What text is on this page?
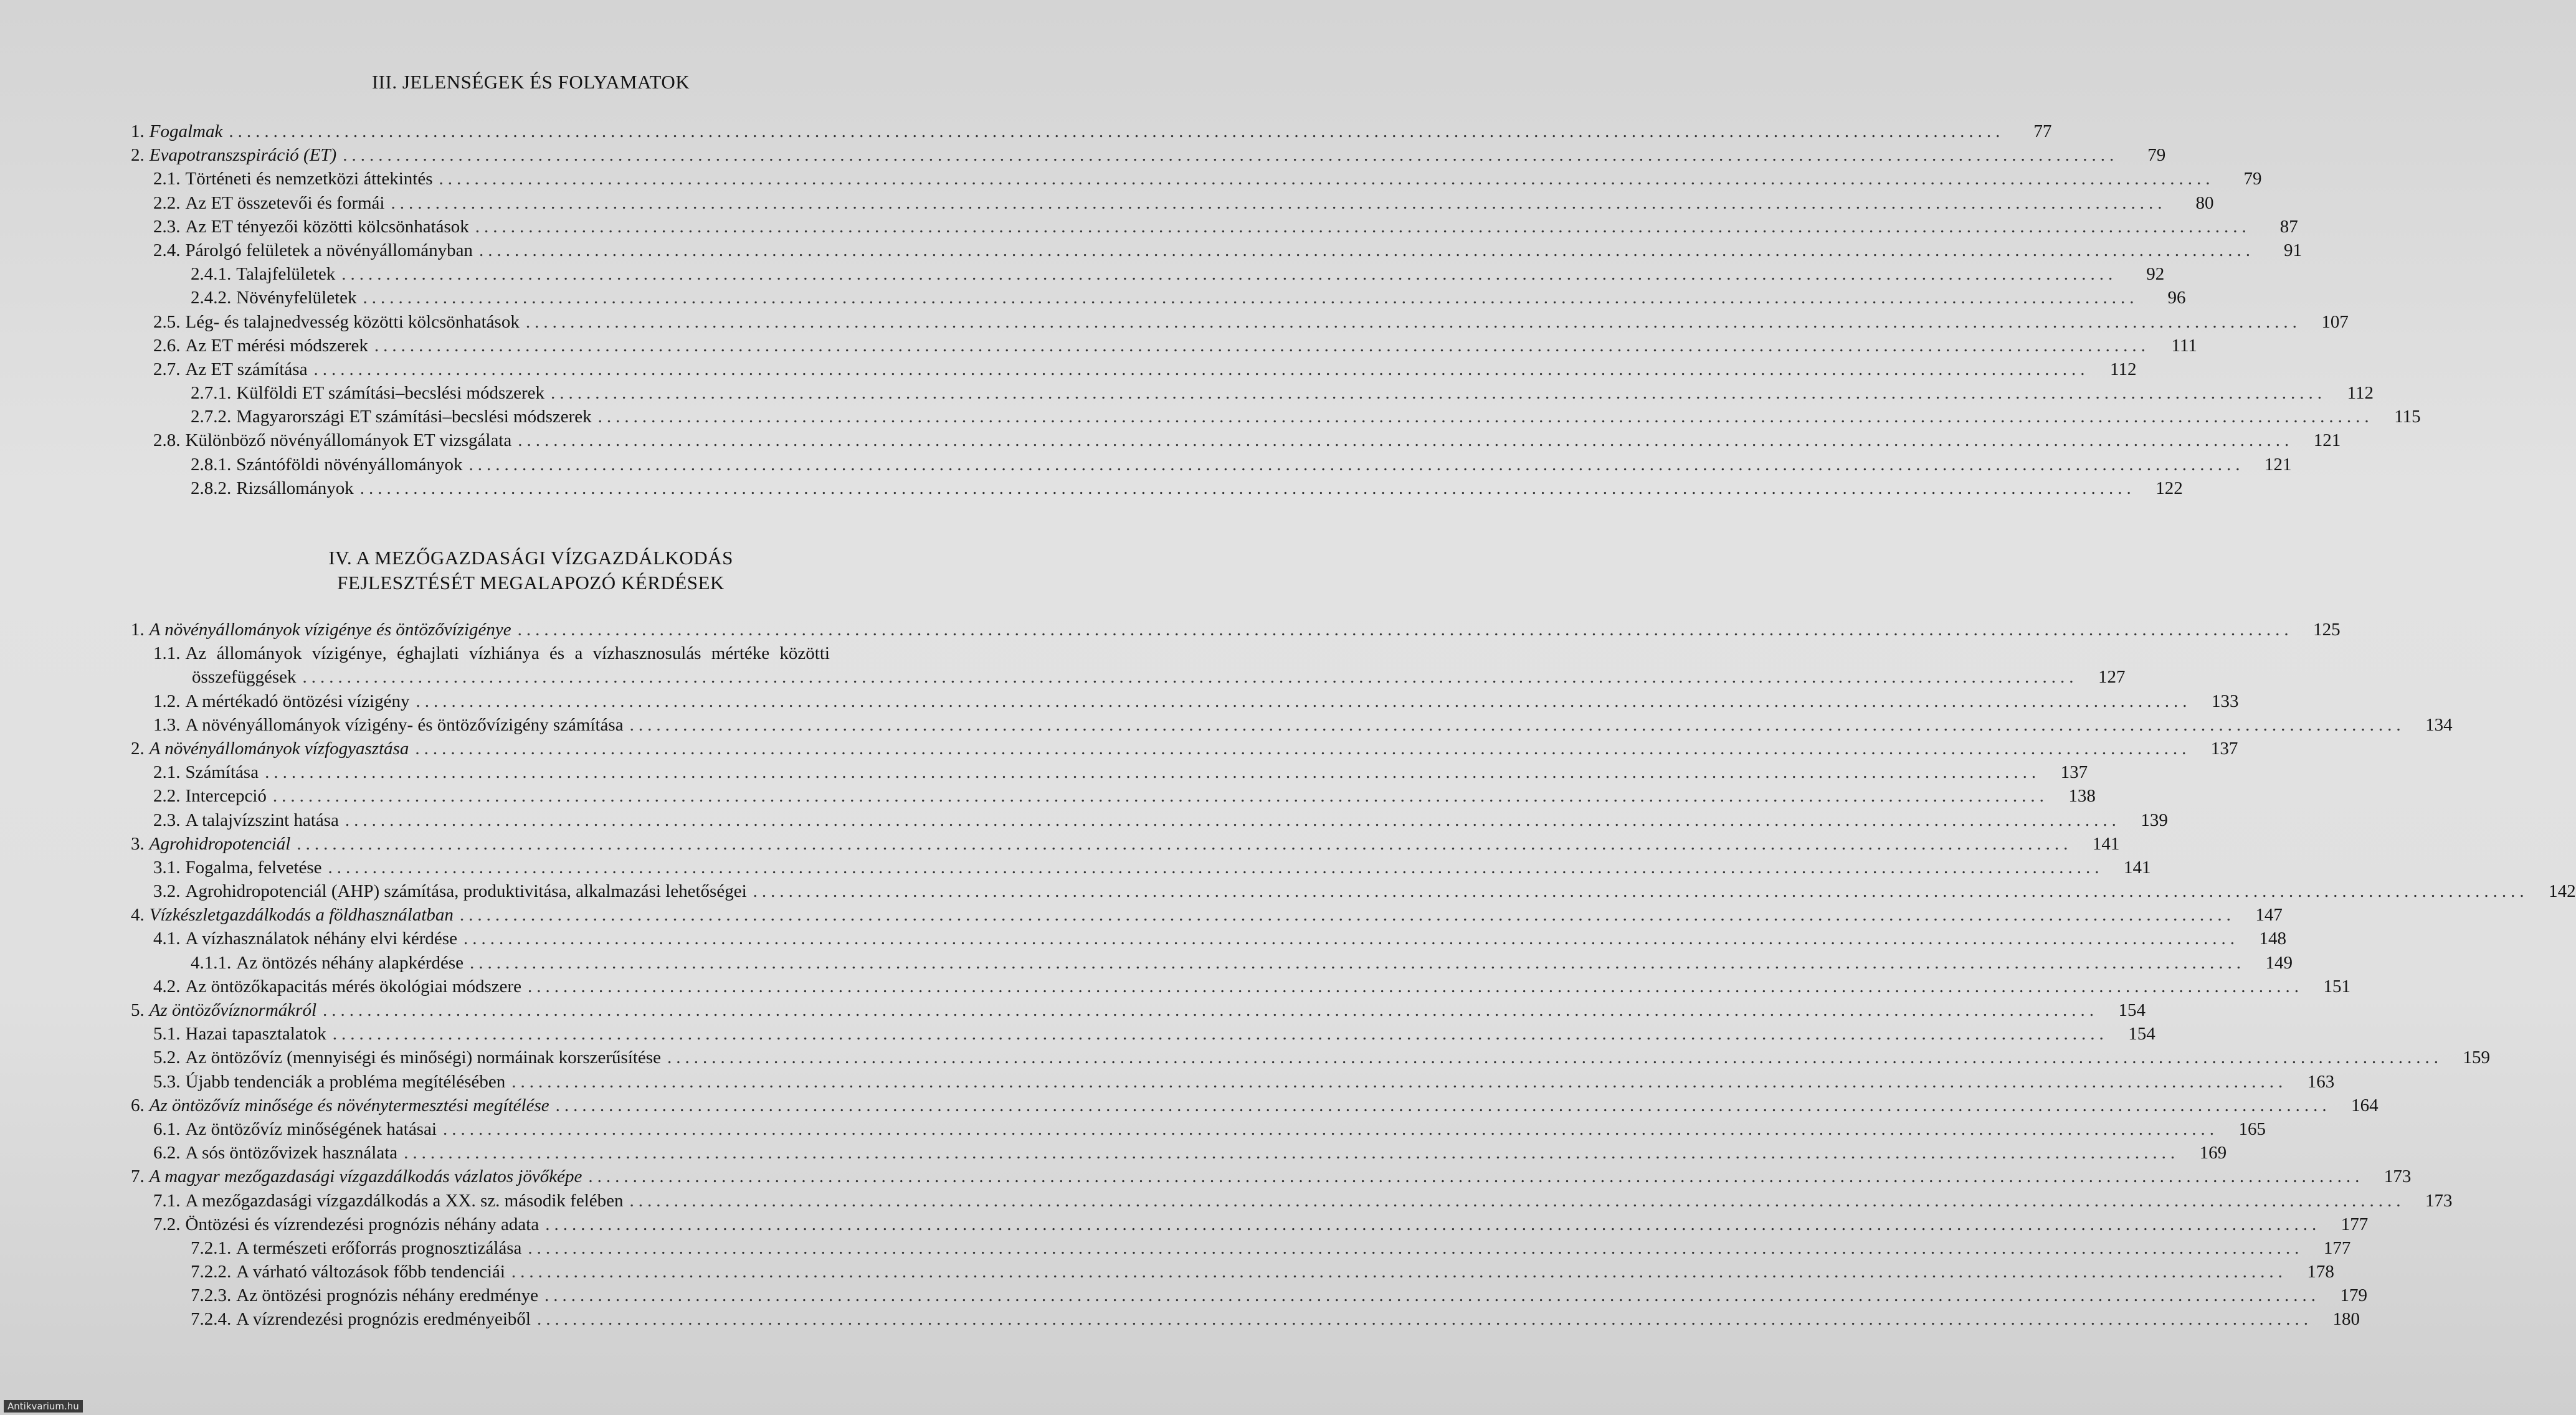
III. JELENSÉGEK ÉS FOLYAMATOK
1. Fogalmak ........................................................................................................................................................................................................	77
2. Evapotranszspiráció (ET) ........................................................................................................................................................................................................	79
2.1. Történeti és nemzetközi áttekintés ........................................................................................................................................................................................................	79
2.2. Az ET összetevői és formái ........................................................................................................................................................................................................	80
2.3. Az ET tényezői közötti kölcsönhatások ........................................................................................................................................................................................................	87
2.4. Párolgó felületek a növényállományban ........................................................................................................................................................................................................	91
2.4.1. Talajfelületek ........................................................................................................................................................................................................	92
2.4.2. Növényfelületek ........................................................................................................................................................................................................	96
2.5. Lég- és talajnedvesség közötti kölcsönhatások ........................................................................................................................................................................................................	107
2.6. Az ET mérési módszerek ........................................................................................................................................................................................................	111
2.7. Az ET számítása ........................................................................................................................................................................................................	112
2.7.1. Külföldi ET számítási–becslési módszerek ........................................................................................................................................................................................................	112
2.7.2. Magyarországi ET számítási–becslési módszerek ........................................................................................................................................................................................................	115
2.8. Különböző növényállományok ET vizsgálata ........................................................................................................................................................................................................	121
2.8.1. Szántóföldi növényállományok ........................................................................................................................................................................................................	121
2.8.2. Rizsállományok ........................................................................................................................................................................................................	122
IV. A MEZŐGAZDASÁGI VÍZGAZDÁLKODÁS
FEJLESZTÉSÉT MEGALAPOZÓ KÉRDÉSEK
1. A növényállományok vízigénye és öntözővízigénye ........................................................................................................................................................................................................	125
1.1. Az állományok vízigénye, éghajlati vízhiánya és a vízhasznosulás mértéke közötti
összefüggések ........................................................................................................................................................................................................	127
1.2. A mértékadó öntözési vízigény ........................................................................................................................................................................................................	133
1.3. A növényállományok vízigény- és öntözővízigény számítása ........................................................................................................................................................................................................	134
2. A növényállományok vízfogyasztása ........................................................................................................................................................................................................	137
2.1. Számítása ........................................................................................................................................................................................................	137
2.2. Intercepció ........................................................................................................................................................................................................	138
2.3. A talajvízszint hatása ........................................................................................................................................................................................................	139
3. Agrohidropotenciál ........................................................................................................................................................................................................	141
3.1. Fogalma, felvetése ........................................................................................................................................................................................................	141
3.2. Agrohidropotenciál (AHP) számítása, produktivitása, alkalmazási lehetőségei ........................................................................................................................................................................................................	142
4. Vízkészletgazdálkodás a földhasználatban ........................................................................................................................................................................................................	147
4.1. A vízhasználatok néhány elvi kérdése ........................................................................................................................................................................................................	148
4.1.1. Az öntözés néhány alapkérdése ........................................................................................................................................................................................................	149
4.2. Az öntözőkapacitás mérés ökológiai módszere ........................................................................................................................................................................................................	151
5. Az öntözővíznormákról ........................................................................................................................................................................................................	154
5.1. Hazai tapasztalatok ........................................................................................................................................................................................................	154
5.2. Az öntözővíz (mennyiségi és minőségi) normáinak korszerűsítése ........................................................................................................................................................................................................	159
5.3. Újabb tendenciák a probléma megítélésében ........................................................................................................................................................................................................	163
6. Az öntözővíz minősége és növénytermesztési megítélése ........................................................................................................................................................................................................	164
6.1. Az öntözővíz minőségének hatásai ........................................................................................................................................................................................................	165
6.2. A sós öntözővizek használata ........................................................................................................................................................................................................	169
7. A magyar mezőgazdasági vízgazdálkodás vázlatos jövőképe ........................................................................................................................................................................................................	173
7.1. A mezőgazdasági vízgazdálkodás a XX. sz. második felében ........................................................................................................................................................................................................	173
7.2. Öntözési és vízrendezési prognózis néhány adata ........................................................................................................................................................................................................	177
7.2.1. A természeti erőforrás prognosztizálása ........................................................................................................................................................................................................	177
7.2.2. A várható változások főbb tendenciái ........................................................................................................................................................................................................	178
7.2.3. Az öntözési prognózis néhány eredménye ........................................................................................................................................................................................................	179
7.2.4. A vízrendezési prognózis eredményeiből ........................................................................................................................................................................................................	180
Antikvarium.hu
